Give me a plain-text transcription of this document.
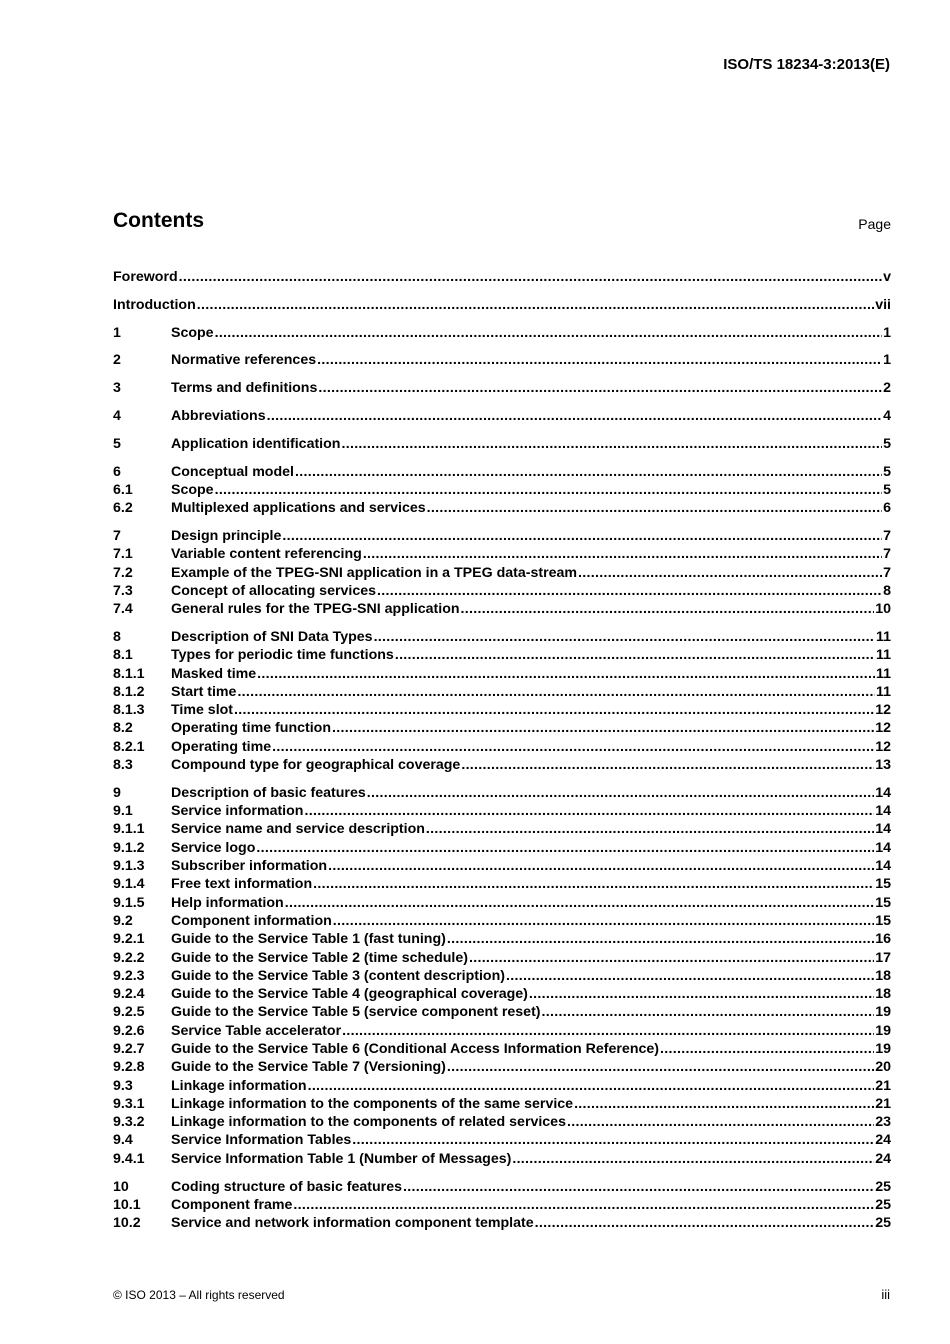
ISO/TS 18234-3:2013(E)
Contents	Page
Foreword .....	v
Introduction .....	vii
1	Scope .....	1
2	Normative references .....	1
3	Terms and definitions .....	2
4	Abbreviations .....	4
5	Application identification .....	5
6	Conceptual model .....	5
6.1	Scope .....	5
6.2	Multiplexed applications and services .....	6
7	Design principle .....	7
7.1	Variable content referencing .....	7
7.2	Example of the TPEG-SNI application in a TPEG data-stream .....	7
7.3	Concept of allocating services .....	8
7.4	General rules for the TPEG-SNI application .....	10
8	Description of SNI Data Types .....	11
8.1	Types for periodic time functions .....	11
8.1.1	Masked time .....	11
8.1.2	Start time .....	11
8.1.3	Time slot .....	12
8.2	Operating time function .....	12
8.2.1	Operating time .....	12
8.3	Compound type for geographical coverage .....	13
9	Description of basic features .....	14
9.1	Service information .....	14
9.1.1	Service name and service description .....	14
9.1.2	Service logo .....	14
9.1.3	Subscriber information .....	14
9.1.4	Free text information .....	15
9.1.5	Help information .....	15
9.2	Component information .....	15
9.2.1	Guide to the Service Table 1 (fast tuning) .....	16
9.2.2	Guide to the Service Table 2 (time schedule) .....	17
9.2.3	Guide to the Service Table 3 (content description) .....	18
9.2.4	Guide to the Service Table 4 (geographical coverage) .....	18
9.2.5	Guide to the Service Table 5 (service component reset) .....	19
9.2.6	Service Table accelerator .....	19
9.2.7	Guide to the Service Table 6 (Conditional Access Information Reference) .....	19
9.2.8	Guide to the Service Table 7 (Versioning) .....	20
9.3	Linkage information .....	21
9.3.1	Linkage information to the components of the same service .....	21
9.3.2	Linkage information to the components of related services .....	23
9.4	Service Information Tables .....	24
9.4.1	Service Information Table 1 (Number of Messages) .....	24
10	Coding structure of basic features .....	25
10.1	Component frame .....	25
10.2	Service and network information component template .....	25
© ISO 2013 – All rights reserved	iii
